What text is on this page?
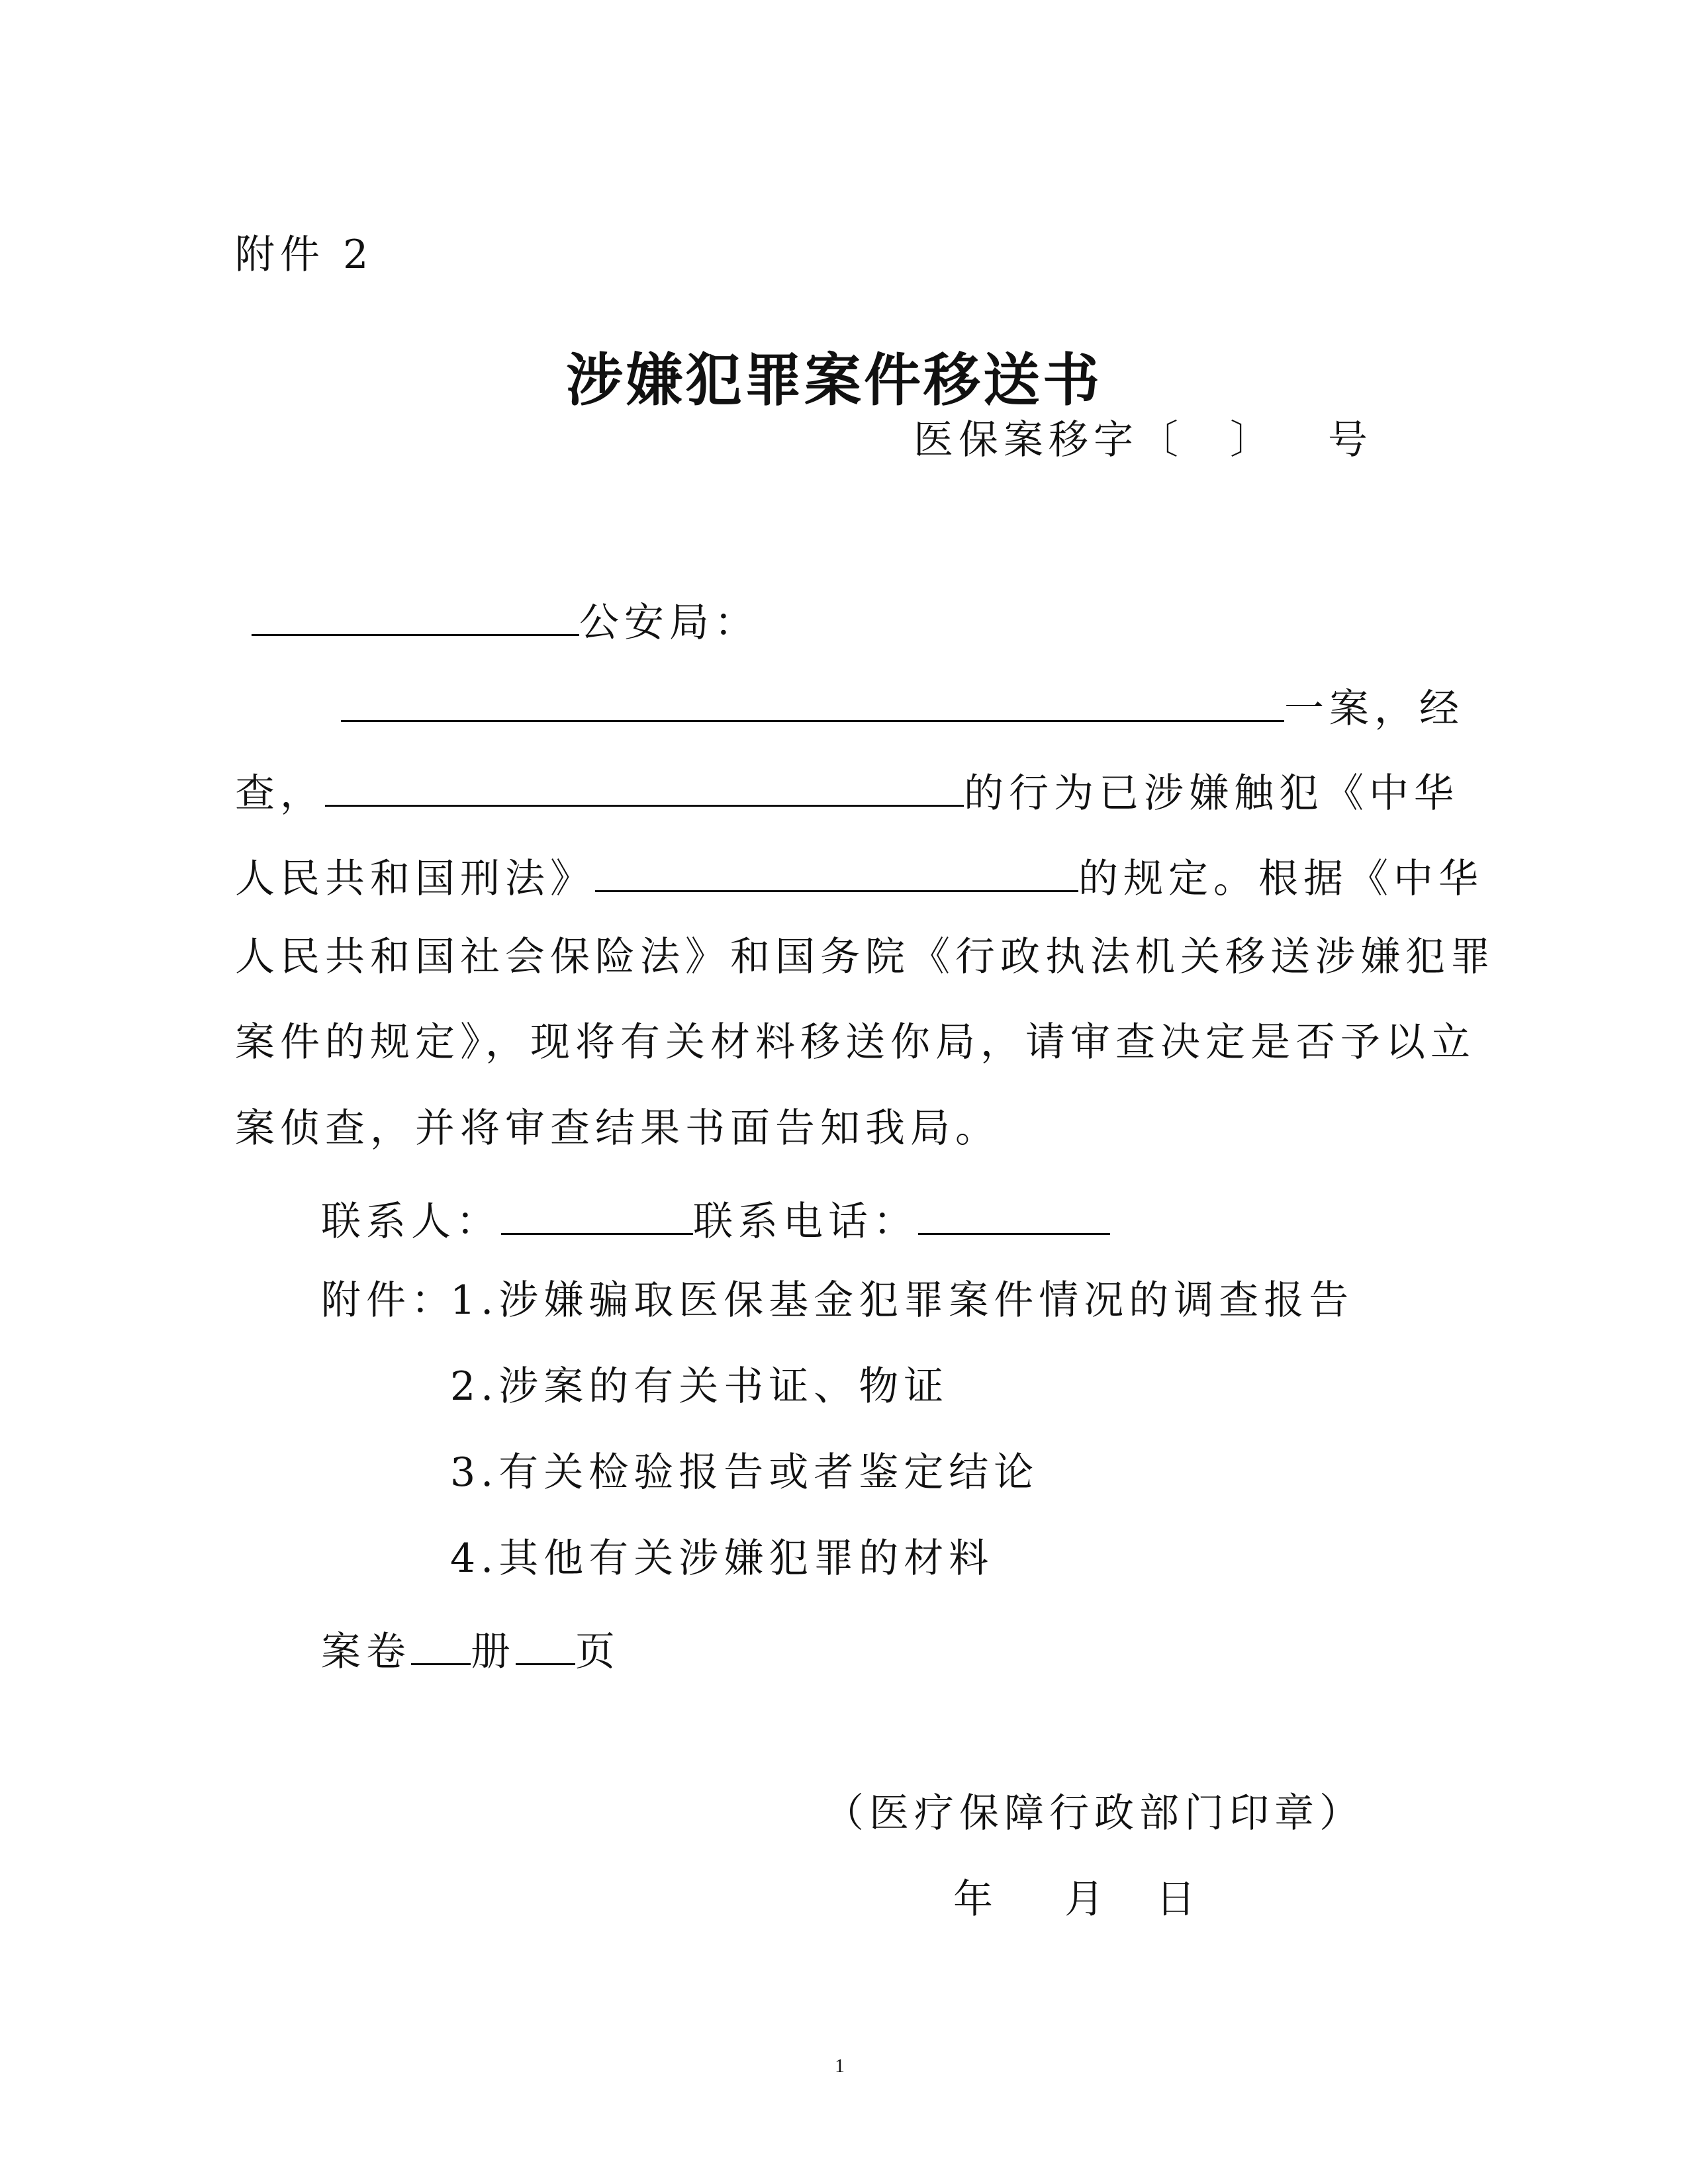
附件 2
涉嫌犯罪案件移送书
医保案移字〔 〕 号
公安局：
一案，经
查，	的行为已涉嫌触犯《中华
人民共和国刑法》	的规定。根据《中华
人民共和国社会保险法》和国务院《行政执法机关移送涉嫌犯罪
案件的规定》，现将有关材料移送你局，请审查决定是否予以立
案侦查，并将审查结果书面告知我局。
联系人：	联系电话：
附件：
1.涉嫌骗取医保基金犯罪案件情况的调查报告
2.涉案的有关书证、物证
3.有关检验报告或者鉴定结论
4.其他有关涉嫌犯罪的材料
案卷 册 页
（医疗保障行政部门印章）
年 月 日
1
